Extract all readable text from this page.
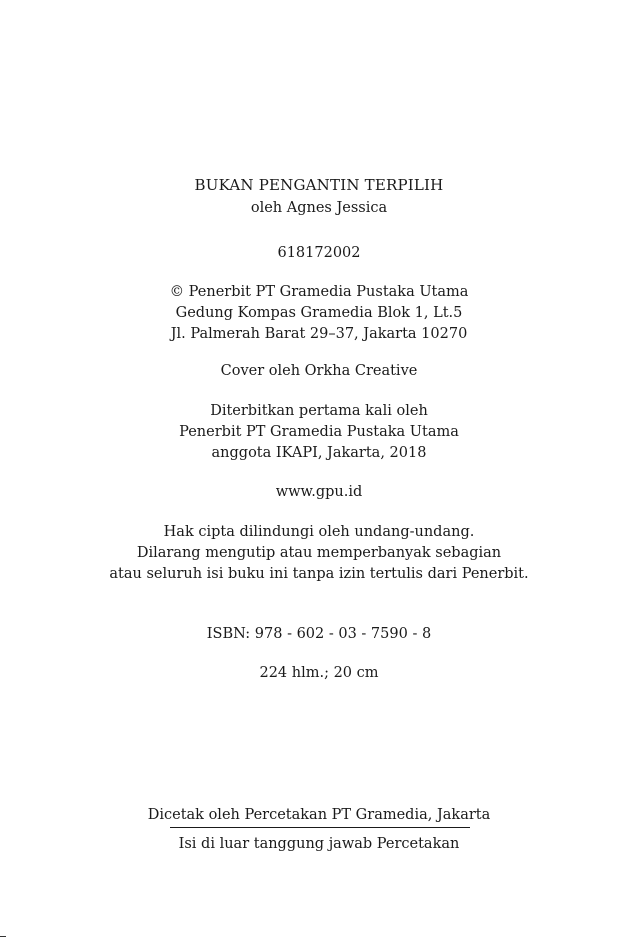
BUKAN PENGANTIN TERPILIH
oleh Agnes Jessica
618172002
© Penerbit PT Gramedia Pustaka Utama
Gedung Kompas Gramedia Blok 1, Lt.5
Jl. Palmerah Barat 29–37, Jakarta 10270
Cover oleh Orkha Creative
Diterbitkan pertama kali oleh
Penerbit PT Gramedia Pustaka Utama
anggota IKAPI, Jakarta, 2018
www.gpu.id
Hak cipta dilindungi oleh undang-undang.
Dilarang mengutip atau memperbanyak sebagian
atau seluruh isi buku ini tanpa izin tertulis dari Penerbit.
ISBN: 978 - 602 - 03 - 7590 - 8
224 hlm.; 20 cm
Dicetak oleh Percetakan PT Gramedia, Jakarta
Isi di luar tanggung jawab Percetakan
